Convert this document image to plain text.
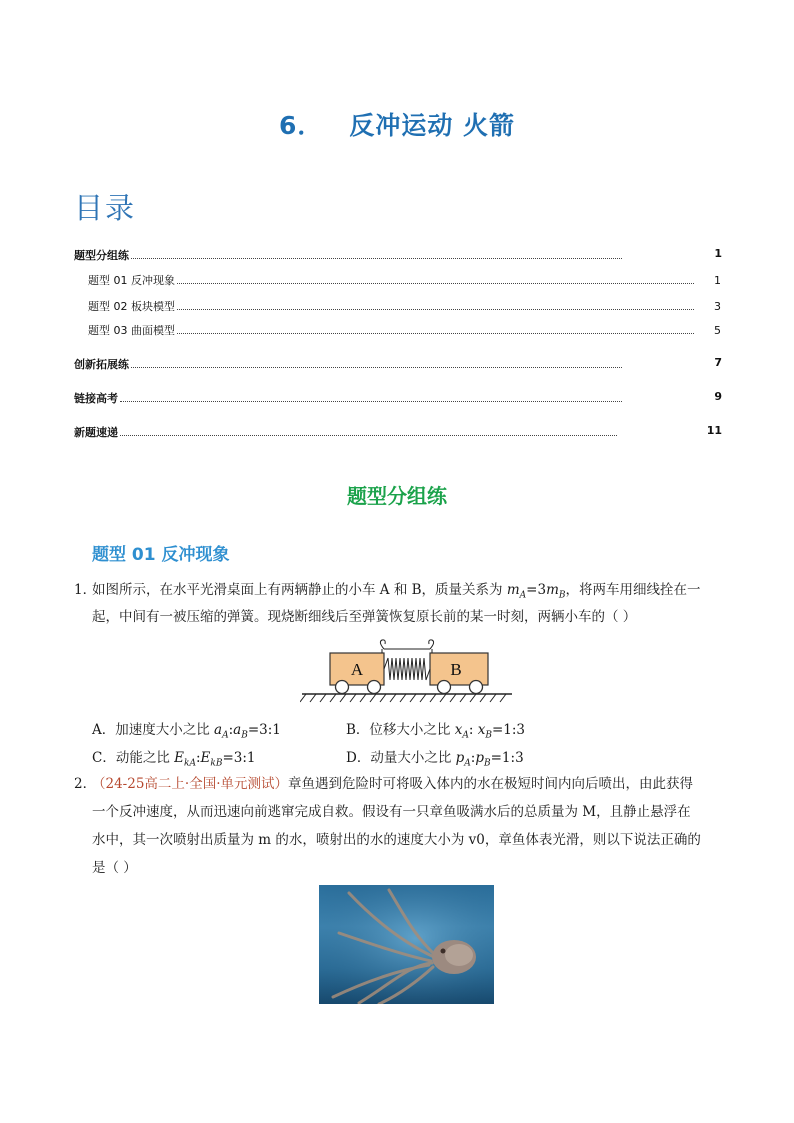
6． 反冲运动 火箭
目录
题型分组练	1
题型 01 反冲现象	1
题型 02 板块模型	3
题型 03 曲面模型	5
创新拓展练	7
链接高考	9
新题速递	11
题型分组练
题型 01 反冲现象
1．如图所示，在水平光滑桌面上有两辆静止的小车 A 和 B，质量关系为 $m_A=3m_B$，将两车用细线拴在一
起，中间有一被压缩的弹簧。现烧断细线后至弹簧恢复原长前的某一时刻，两辆小车的（ ）
A	B
A．加速度大小之比 $a_A:a_B=3:1$	B．位移大小之比 $x_A$: $x_B=1:3$
C．动能之比 $E_{kA}:E_{kB}=3:1$	D．动量大小之比 $p_A:p_B=1:3$
2．（24-25高二上·全国·单元测试）章鱼遇到危险时可将吸入体内的水在极短时间内向后喷出，由此获得
一个反冲速度，从而迅速向前逃窜完成自救。假设有一只章鱼吸满水后的总质量为 M，且静止悬浮在
水中，其一次喷射出质量为 m 的水，喷射出的水的速度大小为 v0，章鱼体表光滑，则以下说法正确的
是（ ）
